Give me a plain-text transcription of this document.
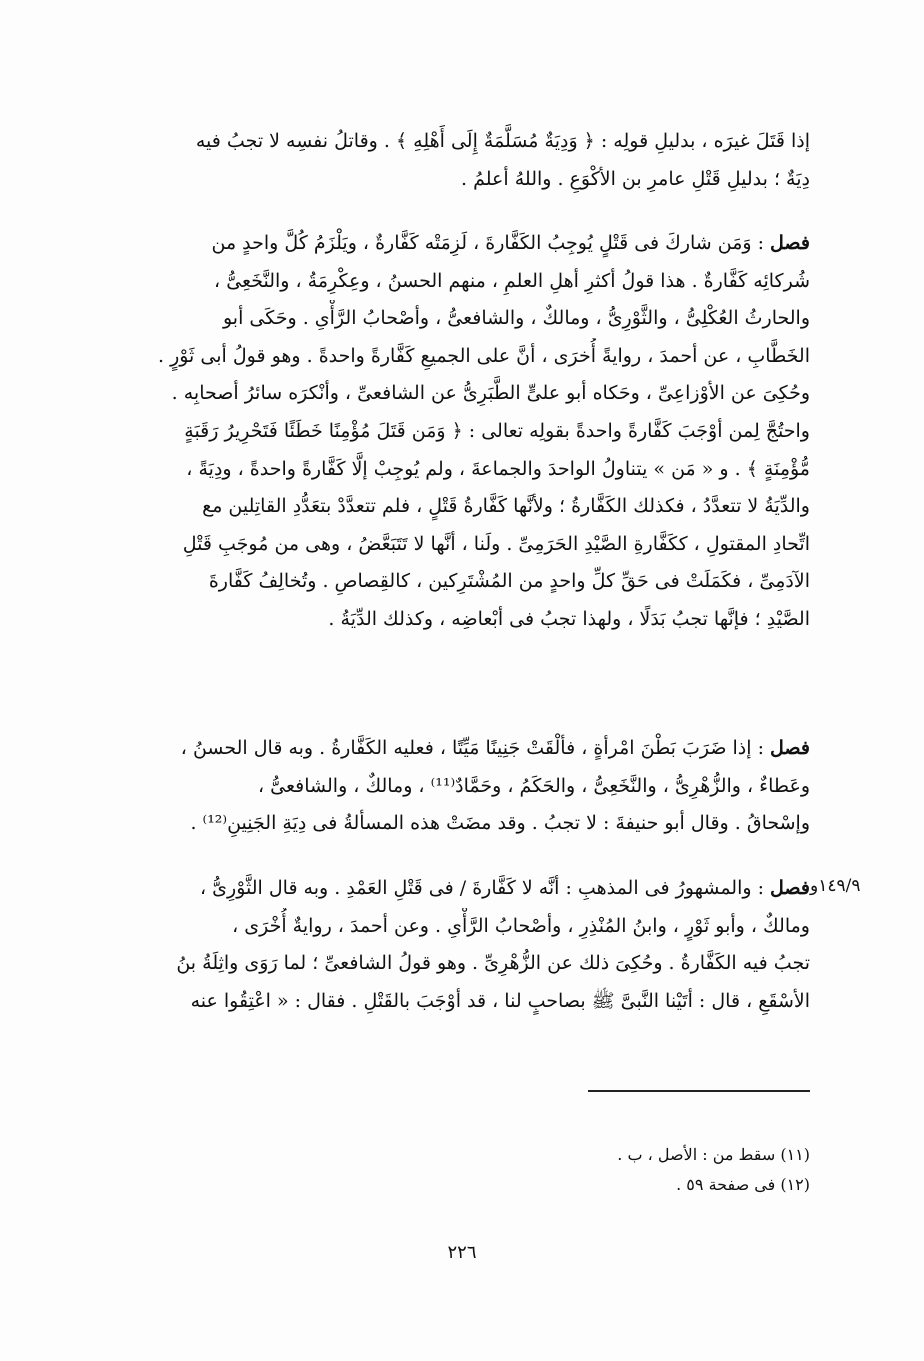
إذا قَتَلَ غيرَه ، بدليلِ قولِه : ﴿ وَدِيَةٌ مُسَلَّمَةٌ إِلَى أَهْلِهِ ﴾ . وقاتلُ نفسِه لا تجبُ فيه
دِيَةٌ ؛ بدليلِ قَتْلِ عامرِ بن الأكْوَعِ . واللهُ أعلمُ .
فصل : وَمَن شاركَ فى قَتْلٍ يُوجِبُ الكَفَّارةَ ، لَزِمَتْه كَفَّارةٌ ، ويَلْزَمُ كُلَّ واحدٍ من
شُركائِه كَفَّارةٌ . هذا قولُ أكثرِ أهلِ العلمِ ، منهم الحسنُ ، وعِكْرِمَةُ ، والنَّخَعِىُّ ،
والحارثُ العُكْلِىُّ ، والثَّوْرِىُّ ، ومالكٌ ، والشافعىُّ ، وأصْحابُ الرَّأْىِ . وحَكَى أبو
الخَطَّابِ ، عن أحمدَ ، روايةً أُخرَى ، أنَّ على الجميعِ كَفَّارةً واحدةً . وهو قولُ أبى ثَوْرٍ .
وحُكِىَ عن الأوْزاعِىِّ ، وحَكاه أبو علىٍّ الطَّبَرِىُّ عن الشافعىِّ ، وأنْكرَه سائرُ أصحابِه .
واحتُجَّ لِمن أوْجَبَ كَفَّارةً واحدةً بقولِه تعالى : ﴿ وَمَن قَتَلَ مُؤْمِنًا خَطَئًا فَتَحْرِيرُ رَقَبَةٍ
مُّؤْمِنَةٍ ﴾ . و « مَن » يتناولُ الواحدَ والجماعةَ ، ولم يُوجِبْ إلَّا كَفَّارةً واحدةً ، ودِيَةً ،
والدِّيَةُ لا تتعدَّدُ ، فكذلك الكَفَّارةُ ؛ ولأنَّها كَفَّارةُ قَتْلٍ ، فلم تتعدَّدْ بتعَدُّدِ القاتِلين مع
اتِّحادِ المقتولِ ، ككَفَّارةِ الصَّيْدِ الحَرَمِىِّ . ولَنا ، أنَّها لا تَتَبَعَّضُ ، وهى من مُوجَبِ قَتْلِ
الآدَمِىِّ ، فكَمَلَتْ فى حَقِّ كلِّ واحدٍ من المُشْتَرِكين ، كالقِصاصِ . وتُخالِفُ كَفَّارةَ
الصَّيْدِ ؛ فإنَّها تجبُ بَدَلًا ، ولهذا تجبُ فى أبْعاضِه ، وكذلك الدِّيَةُ .
فصل : إذا ضَرَبَ بَطْنَ امْرأةٍ ، فألْقَتْ جَنِينًا مَيِّتًا ، فعليه الكَفَّارةُ . وبه قال الحسنُ ،
وعَطاءٌ ، والزُّهْرِىُّ ، والنَّخَعِىُّ ، والحَكَمُ ، وحَمَّادٌ⁽¹¹⁾ ، ومالكٌ ، والشافعىُّ ،
وإسْحاقُ . وقال أبو حنيفةَ : لا تجبُ . وقد مضَتْ هذه المسألةُ فى دِيَةِ الجَنِينِ⁽¹²⁾ .
١٤٩/٩و
فصل : والمشهورُ فى المذهبِ : أنَّه لا كَفَّارةَ / فى قَتْلِ العَمْدِ . وبه قال الثَّوْرِىُّ ،
ومالكٌ ، وأبو ثَوْرٍ ، وابنُ المُنْذِرِ ، وأصْحابُ الرَّأْىِ . وعن أحمدَ ، روايةٌ أُخْرَى ،
تجبُ فيه الكَفَّارةُ . وحُكِىَ ذلك عن الزُّهْرِىِّ . وهو قولُ الشافعىِّ ؛ لما رَوَى واثِلَةُ بنُ
الأسْقَعِ ، قال : أتَيْنا النَّبىَّ ﷺ بصاحبٍ لنا ، قد أوْجَبَ بالقَتْلِ . فقال : « اعْتِقُوا عنه
(١١) سقط من : الأصل ، ب .
(١٢) فى صفحة ٥٩ .
٢٢٦
